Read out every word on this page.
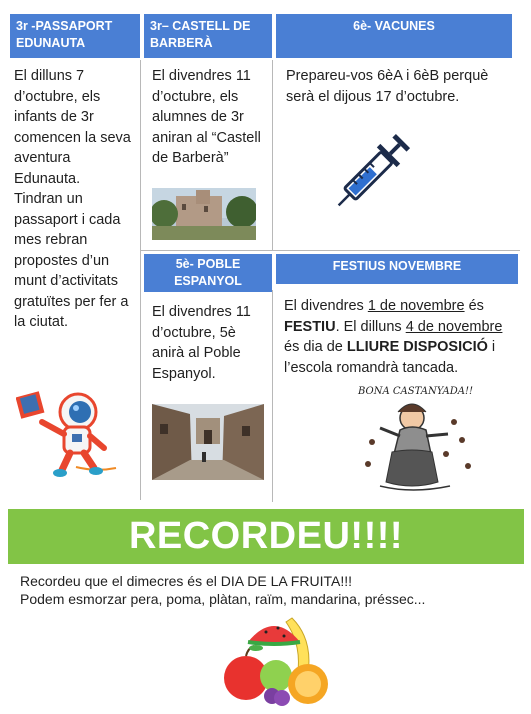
3r -PASSAPORT EDUNAUTA
El dilluns 7 d’octubre, els infants de 3r comencen la seva aventura Edunauta. Tindran un passaport i cada mes rebran propostes d’un munt d’activitats gratuïtes per fer a la ciutat.
3r– CASTELL DE BARBERÀ
El divendres 11 d’octubre, els alumnes de 3r aniran al “Castell de Barberà”
6è- VACUNES
Prepareu-vos 6èA i 6èB perquè serà el dijous 17 d’octubre.
5è- POBLE ESPANYOL
El divendres 11 d’octubre, 5è anirà al Poble Espanyol.
FESTIUS NOVEMBRE
El divendres 1 de novembre és FESTIU. El dilluns 4 de novembre és dia de LLIURE DISPOSICIÓ i l’escola romandrà tancada.
BONA CASTANYADA!!
RECORDEU!!!!
Recordeu que el dimecres és el DIA DE LA FRUITA!!!
Podem esmorzar pera, poma, plàtan, raïm, mandarina, préssec...
